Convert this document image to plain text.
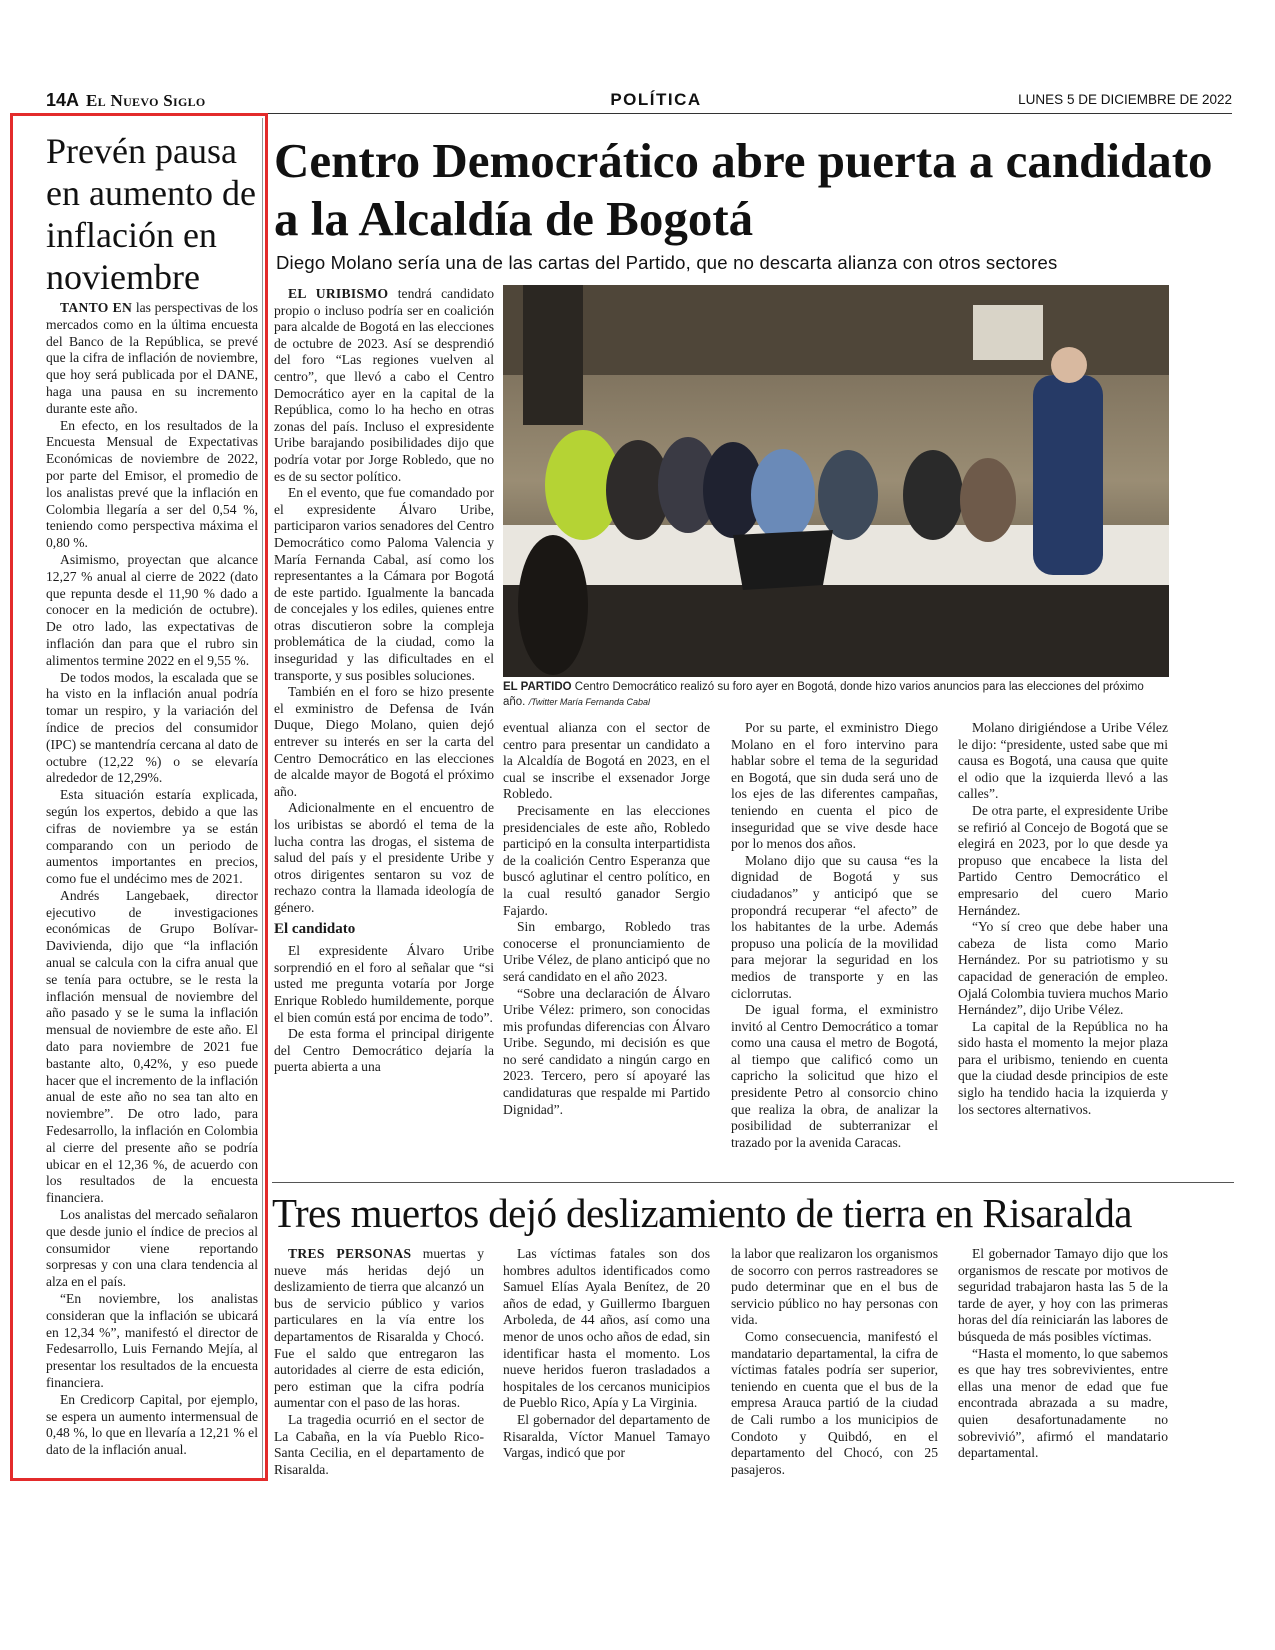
14A El Nuevo Siglo	POLÍTICA	LUNES 5 DE DICIEMBRE DE 2022
Prevén pausa en aumento de inflación en noviembre

TANTO EN las perspectivas de los mercados como en la última encuesta del Banco de la República, se prevé que la cifra de inflación de noviembre, que hoy será publicada por el DANE, haga una pausa en su incremento durante este año.

En efecto, en los resultados de la Encuesta Mensual de Expectativas Económicas de noviembre de 2022, por parte del Emisor, el promedio de los analistas prevé que la inflación en Colombia llegaría a ser del 0,54 %, teniendo como perspectiva máxima el 0,80 %.

Asimismo, proyectan que alcance 12,27 % anual al cierre de 2022 (dato que repunta desde el 11,90 % dado a conocer en la medición de octubre). De otro lado, las expectativas de inflación dan para que el rubro sin alimentos termine 2022 en el 9,55 %.

De todos modos, la escalada que se ha visto en la inflación anual podría tomar un respiro, y la variación del índice de precios del consumidor (IPC) se mantendría cercana al dato de octubre (12,22 %) o se elevaría alrededor de 12,29%.

Esta situación estaría explicada, según los expertos, debido a que las cifras de noviembre ya se están comparando con un periodo de aumentos importantes en precios, como fue el undécimo mes de 2021.

Andrés Langebaek, director ejecutivo de investigaciones económicas de Grupo Bolívar- Davivienda, dijo que “la inflación anual se calcula con la cifra anual que se tenía para octubre, se le resta la inflación mensual de noviembre del año pasado y se le suma la inflación mensual de noviembre de este año. El dato para noviembre de 2021 fue bastante alto, 0,42%, y eso puede hacer que el incremento de la inflación anual de este año no sea tan alto en noviembre”. De otro lado, para Fedesarrollo, la inflación en Colombia al cierre del presente año se podría ubicar en el 12,36 %, de acuerdo con los resultados de la encuesta financiera.

Los analistas del mercado señalaron que desde junio el índice de precios al consumidor viene reportando sorpresas y con una clara tendencia al alza en el país.

“En noviembre, los analistas consideran que la inflación se ubicará en 12,34 %”, manifestó el director de Fedesarrollo, Luis Fernando Mejía, al presentar los resultados de la encuesta financiera.

En Credicorp Capital, por ejemplo, se espera un aumento intermensual de 0,48 %, lo que en llevaría a 12,21 % el dato de la inflación anual.

Centro Democrático abre puerta a candidato a la Alcaldía de Bogotá
Diego Molano sería una de las cartas del Partido, que no descarta alianza con otros sectores

EL URIBISMO tendrá candidato propio o incluso podría ser en coalición para alcalde de Bogotá en las elecciones de octubre de 2023. Así se desprendió del foro “Las regiones vuelven al centro”, que llevó a cabo el Centro Democrático ayer en la capital de la República, como lo ha hecho en otras zonas del país. Incluso el expresidente Uribe barajando posibilidades dijo que podría votar por Jorge Robledo, que no es de su sector político.

En el evento, que fue comandado por el expresidente Álvaro Uribe, participaron varios senadores del Centro Democrático como Paloma Valencia y María Fernanda Cabal, así como los representantes a la Cámara por Bogotá de este partido. Igualmente la bancada de concejales y los ediles, quienes entre otras discutieron sobre la compleja problemática de la ciudad, como la inseguridad y las dificultades en el transporte, y sus posibles soluciones.

También en el foro se hizo presente el exministro de Defensa de Iván Duque, Diego Molano, quien dejó entrever su interés en ser la carta del Centro Democrático en las elecciones de alcalde mayor de Bogotá el próximo año.

Adicionalmente en el encuentro de los uribistas se abordó el tema de la lucha contra las drogas, el sistema de salud del país y el presidente Uribe y otros dirigentes sentaron su voz de rechazo contra la llamada ideología de género.

El candidato

El expresidente Álvaro Uribe sorprendió en el foro al señalar que “si usted me pregunta votaría por Jorge Enrique Robledo humildemente, porque el bien común está por encima de todo”.

De esta forma el principal dirigente del Centro Democrático dejaría la puerta abierta a una

EL PARTIDO Centro Democrático realizó su foro ayer en Bogotá, donde hizo varios anuncios para las elecciones del próximo año. /Twitter María Fernanda Cabal

eventual alianza con el sector de centro para presentar un candidato a la Alcaldía de Bogotá en 2023, en el cual se inscribe el exsenador Jorge Robledo.

Precisamente en las elecciones presidenciales de este año, Robledo participó en la consulta interpartidista de la coalición Centro Esperanza que buscó aglutinar el centro político, en la cual resultó ganador Sergio Fajardo.

Sin embargo, Robledo tras conocerse el pronunciamiento de Uribe Vélez, de plano anticipó que no será candidato en el año 2023.

“Sobre una declaración de Álvaro Uribe Vélez: primero, son conocidas mis profundas diferencias con Álvaro Uribe. Segundo, mi decisión es que no seré candidato a ningún cargo en 2023. Tercero, pero sí apoyaré las candidaturas que respalde mi Partido Dignidad”.

Por su parte, el exministro Diego Molano en el foro intervino para hablar sobre el tema de la seguridad en Bogotá, que sin duda será uno de los ejes de las diferentes campañas, teniendo en cuenta el pico de inseguridad que se vive desde hace por lo menos dos años.

Molano dijo que su causa “es la dignidad de Bogotá y sus ciudadanos” y anticipó que se propondrá recuperar “el afecto” de los habitantes de la urbe. Además propuso una policía de la movilidad para mejorar la seguridad en los medios de transporte y en las ciclorrutas.

De igual forma, el exministro invitó al Centro Democrático a tomar como una causa el metro de Bogotá, al tiempo que calificó como un capricho la solicitud que hizo el presidente Petro al consorcio chino que realiza la obra, de analizar la posibilidad de subterranizar el trazado por la avenida Caracas.

Molano dirigiéndose a Uribe Vélez le dijo: “presidente, usted sabe que mi causa es Bogotá, una causa que quite el odio que la izquierda llevó a las calles”.

De otra parte, el expresidente Uribe se refirió al Concejo de Bogotá que se elegirá en 2023, por lo que desde ya propuso que encabece la lista del Partido Centro Democrático el empresario del cuero Mario Hernández.

“Yo sí creo que debe haber una cabeza de lista como Mario Hernández. Por su patriotismo y su capacidad de generación de empleo. Ojalá Colombia tuviera muchos Mario Hernández”, dijo Uribe Vélez.

La capital de la República no ha sido hasta el momento la mejor plaza para el uribismo, teniendo en cuenta que la ciudad desde principios de este siglo ha tendido hacia la izquierda y los sectores alternativos.

Tres muertos dejó deslizamiento de tierra en Risaralda

TRES PERSONAS muertas y nueve más heridas dejó un deslizamiento de tierra que alcanzó un bus de servicio público y varios particulares en la vía entre los departamentos de Risaralda y Chocó. Fue el saldo que entregaron las autoridades al cierre de esta edición, pero estiman que la cifra podría aumentar con el paso de las horas.

La tragedia ocurrió en el sector de La Cabaña, en la vía Pueblo Rico-Santa Cecilia, en el departamento de Risaralda.

Las víctimas fatales son dos hombres adultos identificados como Samuel Elías Ayala Benítez, de 20 años de edad, y Guillermo Ibarguen Arboleda, de 44 años, así como una menor de unos ocho años de edad, sin identificar hasta el momento. Los nueve heridos fueron trasladados a hospitales de los cercanos municipios de Pueblo Rico, Apía y La Virginia.

El gobernador del departamento de Risaralda, Víctor Manuel Tamayo Vargas, indicó que por

la labor que realizaron los organismos de socorro con perros rastreadores se pudo determinar que en el bus de servicio público no hay personas con vida.

Como consecuencia, manifestó el mandatario departamental, la cifra de víctimas fatales podría ser superior, teniendo en cuenta que el bus de la empresa Arauca partió de la ciudad de Cali rumbo a los municipios de Condoto y Quibdó, en el departamento del Chocó, con 25 pasajeros.

El gobernador Tamayo dijo que los organismos de rescate por motivos de seguridad trabajaron hasta las 5 de la tarde de ayer, y hoy con las primeras horas del día reiniciarán las labores de búsqueda de más posibles víctimas.

“Hasta el momento, lo que sabemos es que hay tres sobrevivientes, entre ellas una menor de edad que fue encontrada abrazada a su madre, quien desafortunadamente no sobrevivió”, afirmó el mandatario departamental.
